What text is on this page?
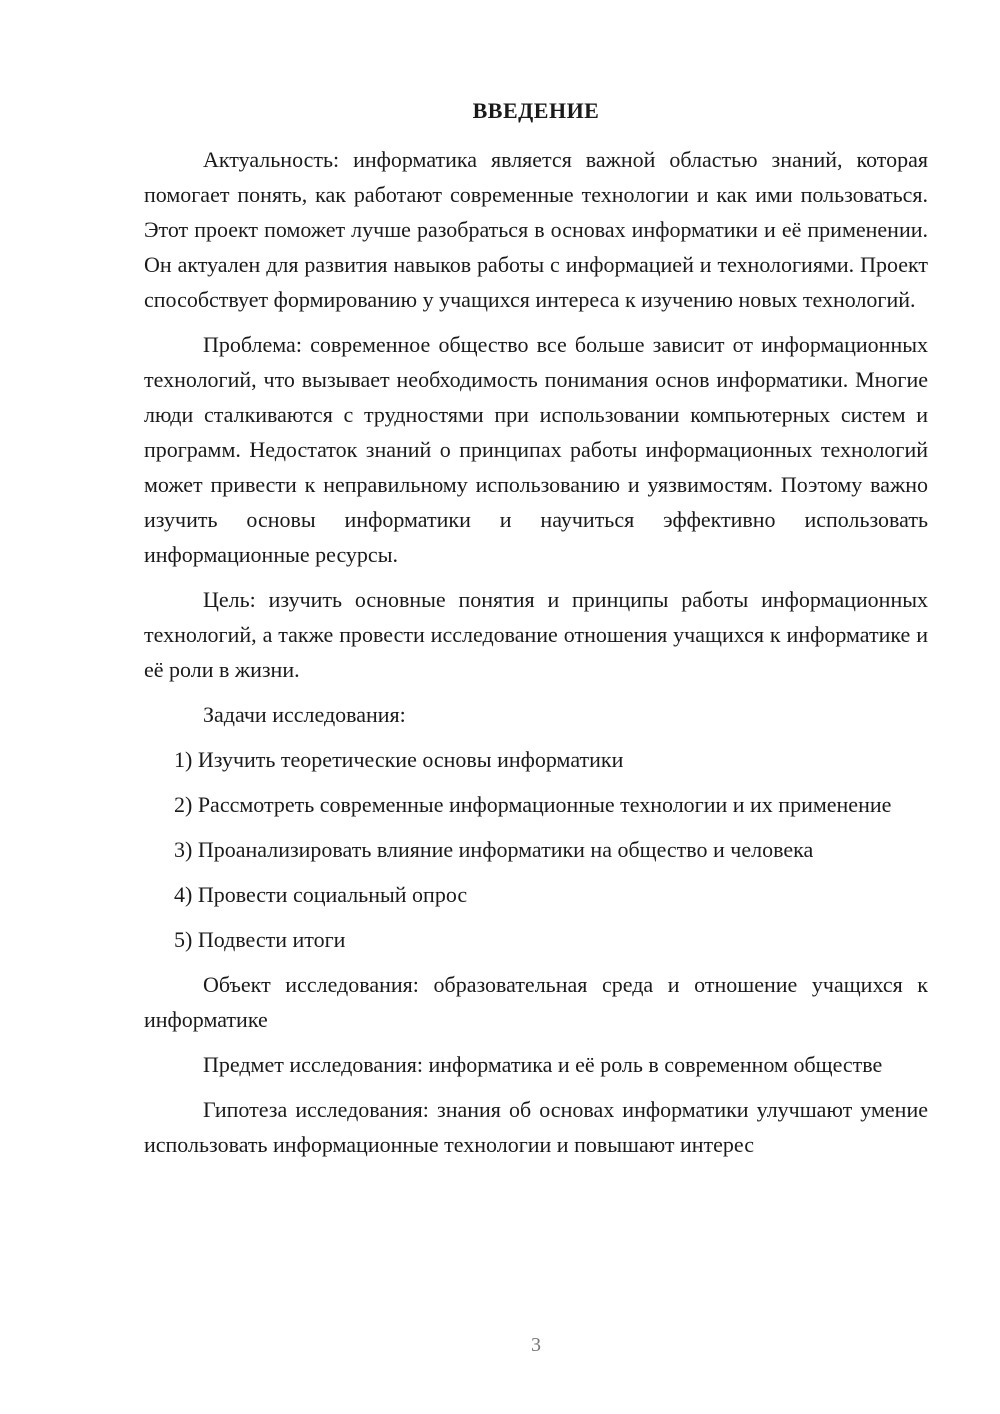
ВВЕДЕНИЕ

Актуальность: информатика является важной областью знаний, которая помогает понять, как работают современные технологии и как ими пользоваться. Этот проект поможет лучше разобраться в основах информатики и её применении. Он актуален для развития навыков работы с информацией и технологиями. Проект способствует формированию у учащихся интереса к изучению новых технологий.

Проблема: современное общество все больше зависит от информационных технологий, что вызывает необходимость понимания основ информатики. Многие люди сталкиваются с трудностями при использовании компьютерных систем и программ. Недостаток знаний о принципах работы информационных технологий может привести к неправильному использованию и уязвимостям. Поэтому важно изучить основы информатики и научиться эффективно использовать информационные ресурсы.

Цель: изучить основные понятия и принципы работы информационных технологий, а также провести исследование отношения учащихся к информатике и её роли в жизни.

Задачи исследования:

1) Изучить теоретические основы информатики

2) Рассмотреть современные информационные технологии и их применение

3) Проанализировать влияние информатики на общество и человека

4) Провести социальный опрос

5) Подвести итоги

Объект исследования: образовательная среда и отношение учащихся к информатике

Предмет исследования: информатика и её роль в современном обществе

Гипотеза исследования: знания об основах информатики улучшают умение использовать информационные технологии и повышают интерес

3
